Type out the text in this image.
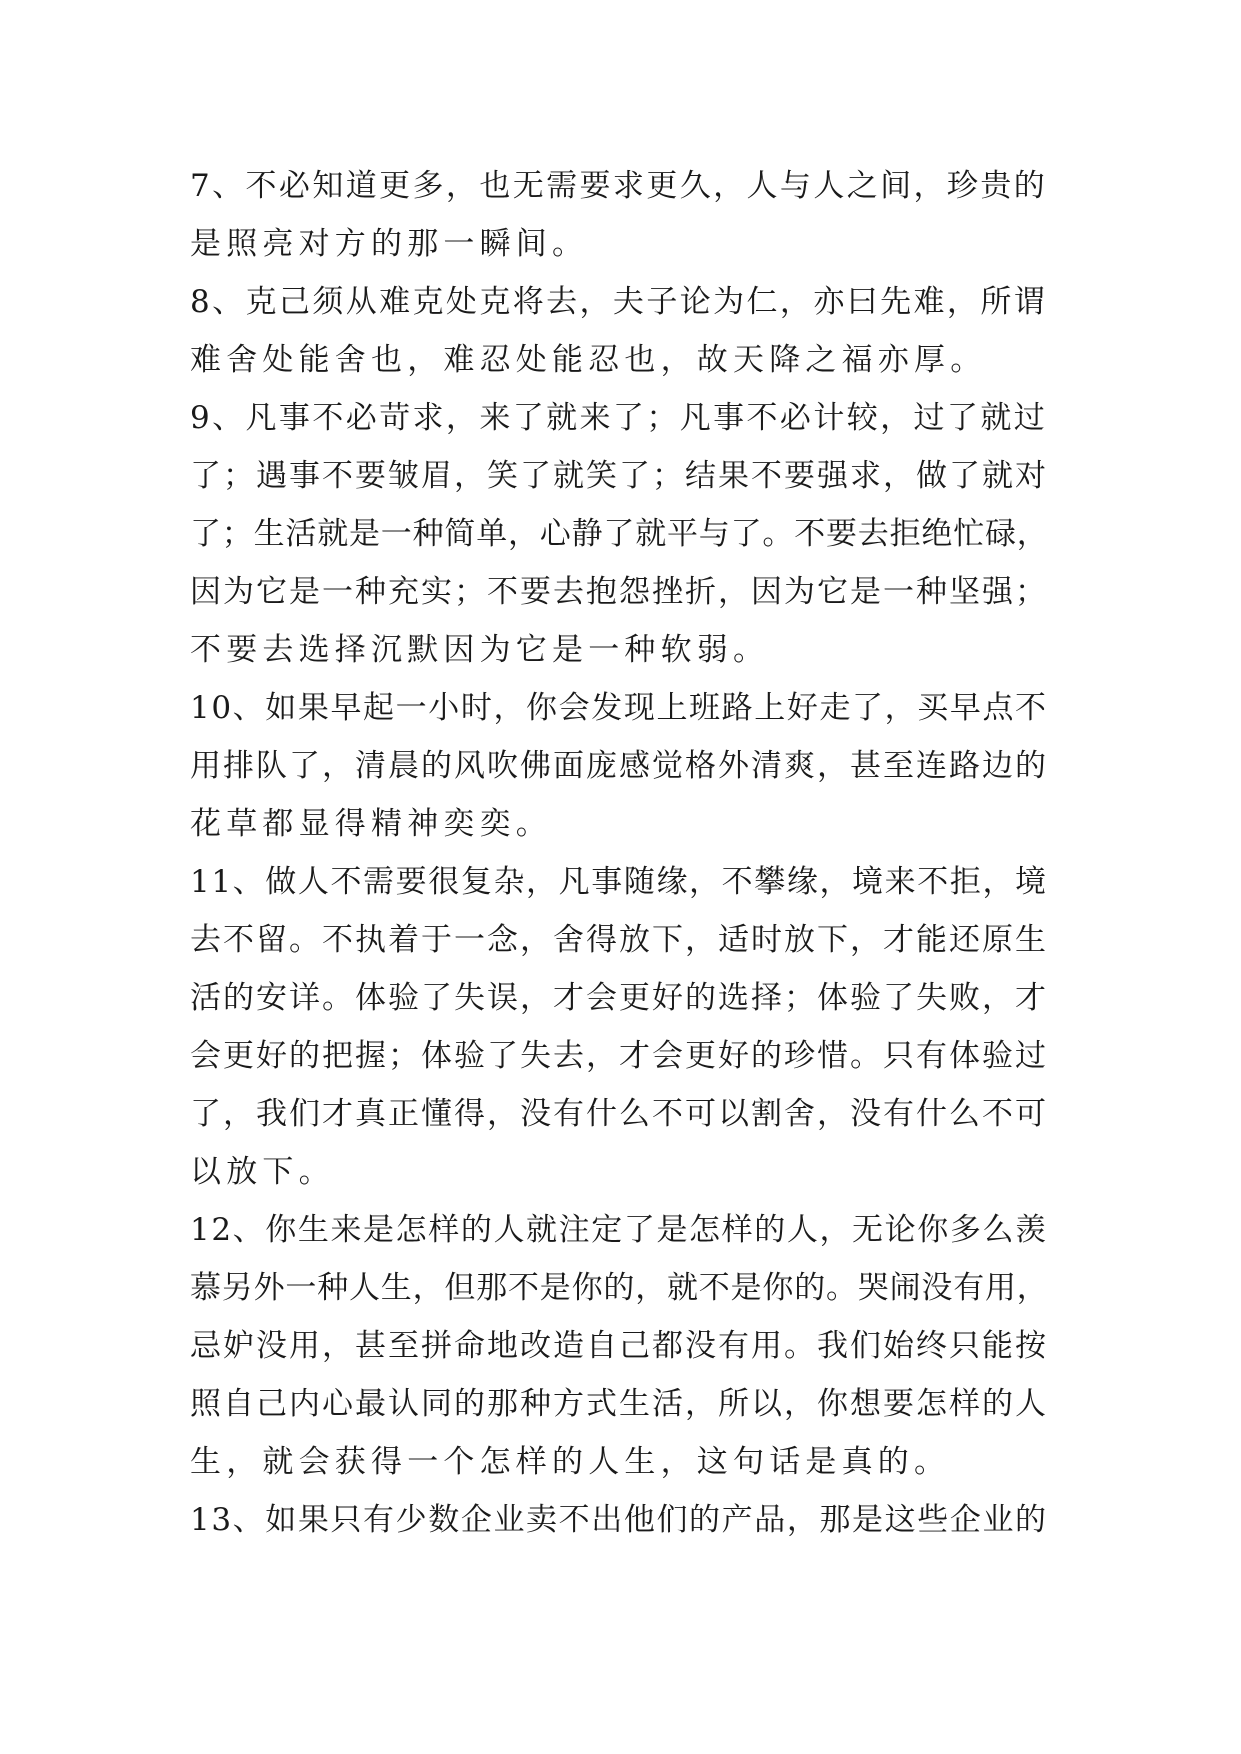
7、不必知道更多，也无需要求更久，人与人之间，珍贵的
是照亮对方的那一瞬间。

8、克己须从难克处克将去，夫子论为仁，亦曰先难，所谓
难舍处能舍也，难忍处能忍也，故天降之福亦厚。

9、凡事不必苛求，来了就来了；凡事不必计较，过了就过
了；遇事不要皱眉，笑了就笑了；结果不要强求，做了就对
了；生活就是一种简单，心静了就平与了。不要去拒绝忙碌，
因为它是一种充实；不要去抱怨挫折，因为它是一种坚强；
不要去选择沉默因为它是一种软弱。

10、如果早起一小时，你会发现上班路上好走了，买早点不
用排队了，清晨的风吹佛面庞感觉格外清爽，甚至连路边的
花草都显得精神奕奕。

11、做人不需要很复杂，凡事随缘，不攀缘，境来不拒，境
去不留。不执着于一念，舍得放下，适时放下，才能还原生
活的安详。体验了失误，才会更好的选择；体验了失败，才
会更好的把握；体验了失去，才会更好的珍惜。只有体验过
了，我们才真正懂得，没有什么不可以割舍，没有什么不可
以放下。

12、你生来是怎样的人就注定了是怎样的人，无论你多么羡
慕另外一种人生，但那不是你的，就不是你的。哭闹没有用，
忌妒没用，甚至拼命地改造自己都没有用。我们始终只能按
照自己内心最认同的那种方式生活，所以，你想要怎样的人
生，就会获得一个怎样的人生，这句话是真的。

13、如果只有少数企业卖不出他们的产品，那是这些企业的
